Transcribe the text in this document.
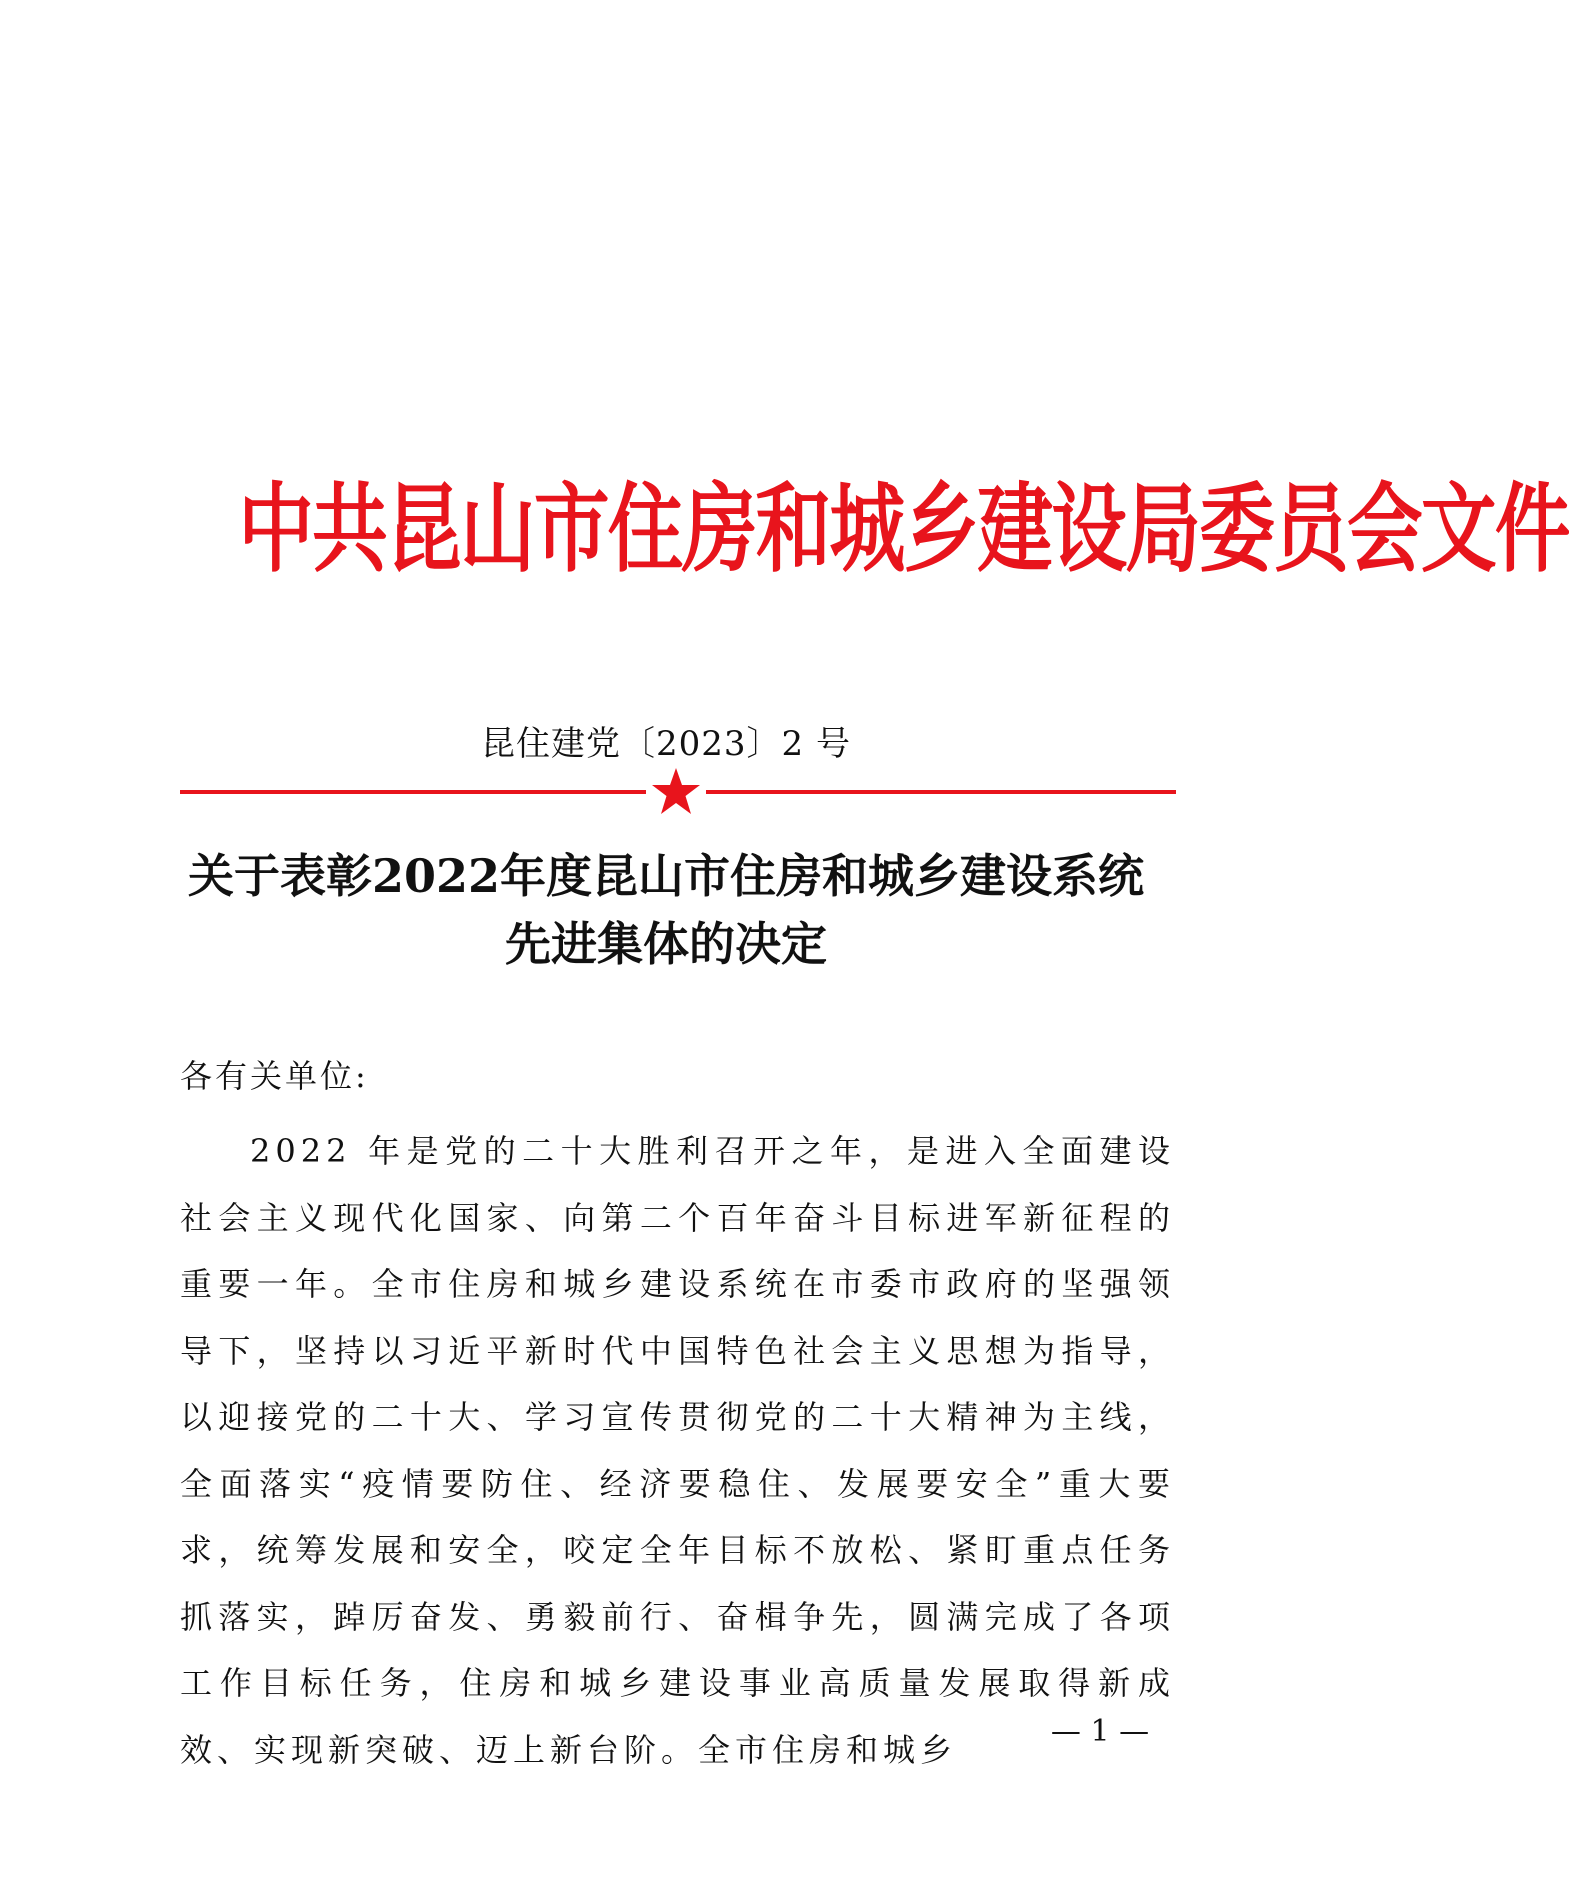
中共昆山市住房和城乡建设局委员会文件
昆住建党〔2023〕2 号
关于表彰2022年度昆山市住房和城乡建设系统
先进集体的决定
各有关单位:

2022 年是党的二十大胜利召开之年，是进入全面建设社会主义现代化国家、向第二个百年奋斗目标进军新征程的重要一年。全市住房和城乡建设系统在市委市政府的坚强领导下，坚持以习近平新时代中国特色社会主义思想为指导，以迎接党的二十大、学习宣传贯彻党的二十大精神为主线，全面落实“疫情要防住、经济要稳住、发展要安全”重大要求，统筹发展和安全，咬定全年目标不放松、紧盯重点任务抓落实，踔厉奋发、勇毅前行、奋楫争先，圆满完成了各项工作目标任务，住房和城乡建设事业高质量发展取得新成效、实现新突破、迈上新台阶。全市住房和城乡	— 1 —
